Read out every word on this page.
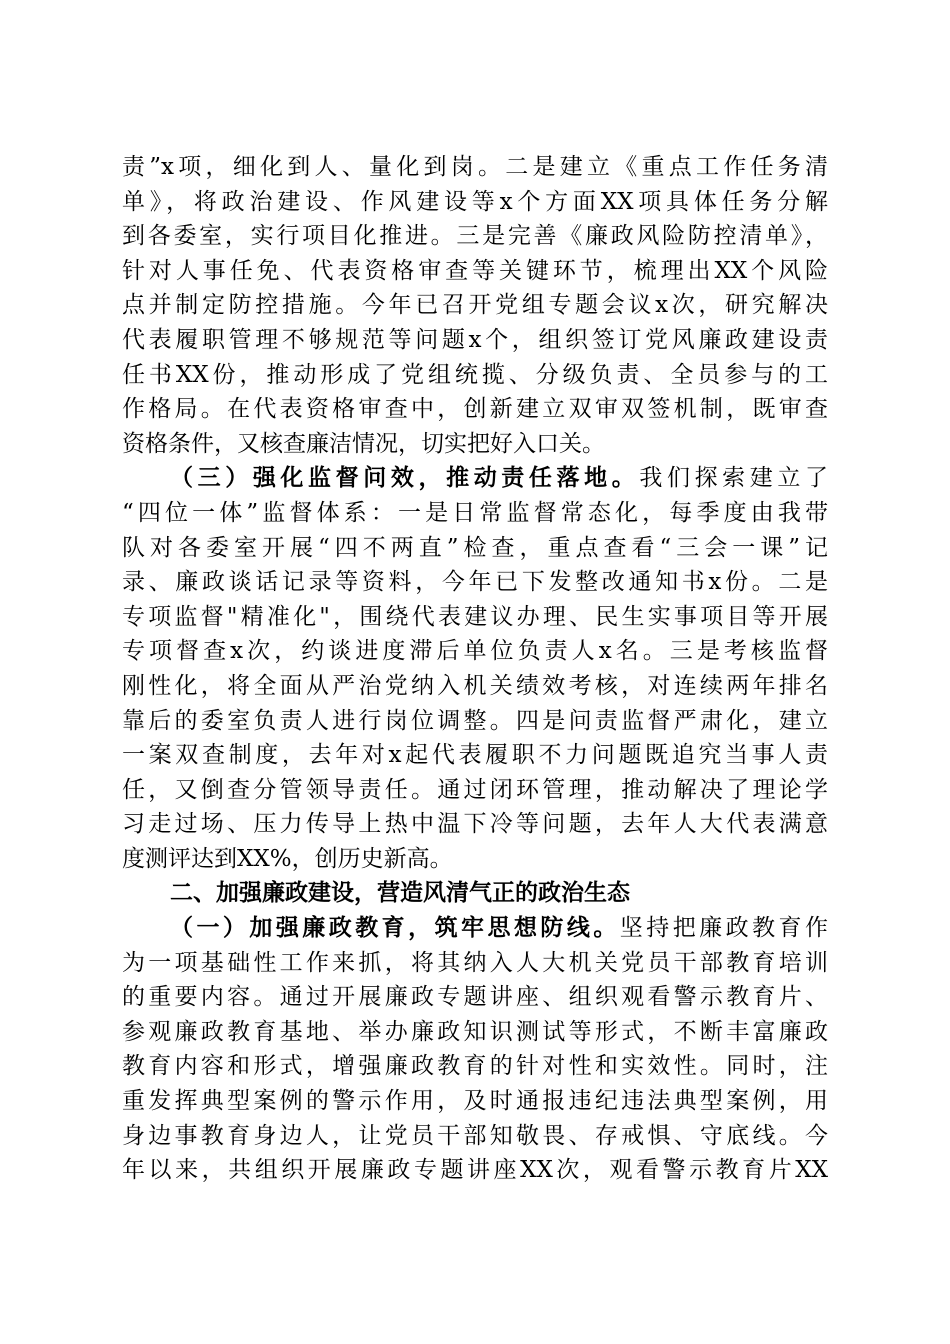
责”x项，细化到人、量化到岗。二是建立《重点工作任务清
单》，将政治建设、作风建设等x个方面XX项具体任务分解
到各委室，实行项目化推进。三是完善《廉政风险防控清单》，
针对人事任免、代表资格审查等关键环节，梳理出XX个风险
点并制定防控措施。今年已召开党组专题会议x次，研究解决
代表履职管理不够规范等问题x个，组织签订党风廉政建设责
任书XX份，推动形成了党组统揽、分级负责、全员参与的工
作格局。在代表资格审查中，创新建立双审双签机制，既审查
资格条件，又核查廉洁情况，切实把好入口关。
（三）强化监督问效，推动责任落地。我们探索建立了
“四位一体”监督体系：一是日常监督常态化，每季度由我带
队对各委室开展“四不两直”检查，重点查看“三会一课”记
录、廉政谈话记录等资料，今年已下发整改通知书x份。二是
专项监督"精准化"，围绕代表建议办理、民生实事项目等开展
专项督查x次，约谈进度滞后单位负责人x名。三是考核监督
刚性化，将全面从严治党纳入机关绩效考核，对连续两年排名
靠后的委室负责人进行岗位调整。四是问责监督严肃化，建立
一案双查制度，去年对x起代表履职不力问题既追究当事人责
任，又倒查分管领导责任。通过闭环管理，推动解决了理论学
习走过场、压力传导上热中温下冷等问题，去年人大代表满意
度测评达到XX%，创历史新高。
二、加强廉政建设，营造风清气正的政治生态
（一）加强廉政教育，筑牢思想防线。坚持把廉政教育作
为一项基础性工作来抓，将其纳入人大机关党员干部教育培训
的重要内容。通过开展廉政专题讲座、组织观看警示教育片、
参观廉政教育基地、举办廉政知识测试等形式，不断丰富廉政
教育内容和形式，增强廉政教育的针对性和实效性。同时，注
重发挥典型案例的警示作用，及时通报违纪违法典型案例，用
身边事教育身边人，让党员干部知敬畏、存戒惧、守底线。今
年以来，共组织开展廉政专题讲座XX次，观看警示教育片XX
